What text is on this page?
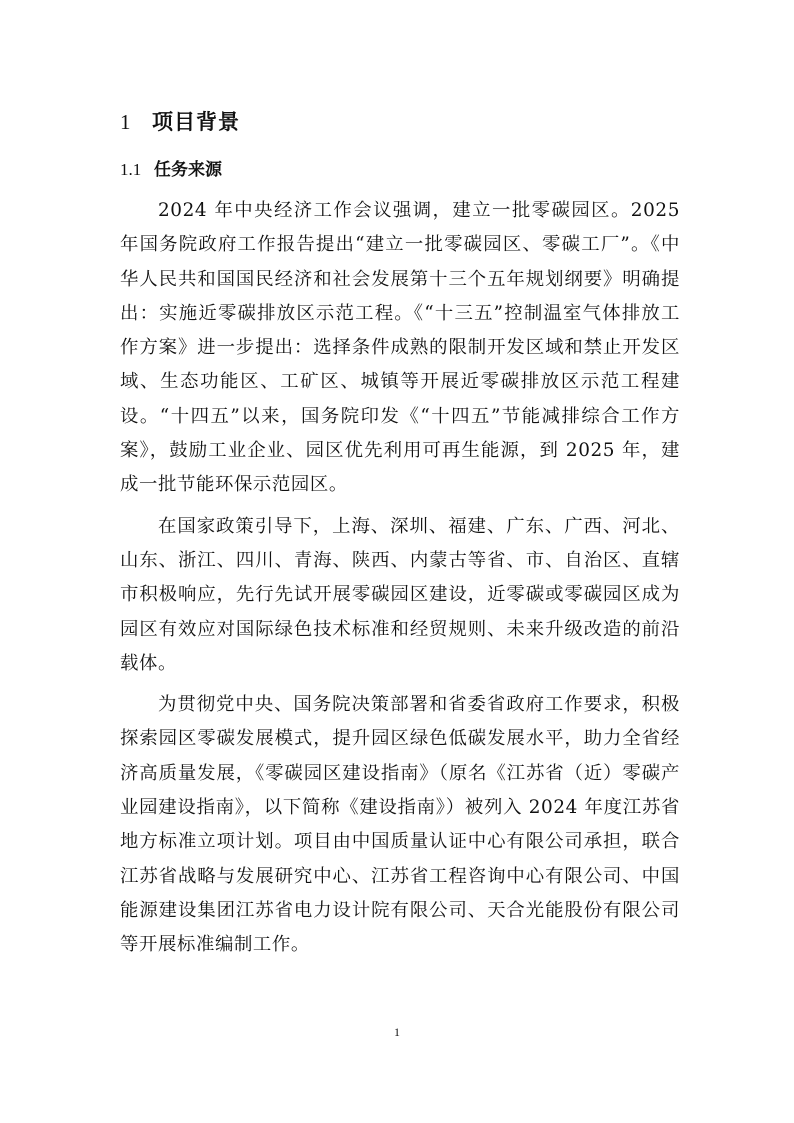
1 项目背景
1.1 任务来源

2024 年中央经济工作会议强调，建立一批零碳园区。2025 年国务院政府工作报告提出“建立一批零碳园区、零碳工厂”。《中华人民共和国国民经济和社会发展第十三个五年规划纲要》明确提出：实施近零碳排放区示范工程。《“十三五”控制温室气体排放工作方案》进一步提出：选择条件成熟的限制开发区域和禁止开发区域、生态功能区、工矿区、城镇等开展近零碳排放区示范工程建设。“十四五”以来，国务院印发《“十四五”节能减排综合工作方案》，鼓励工业企业、园区优先利用可再生能源，到 2025 年，建成一批节能环保示范园区。

在国家政策引导下，上海、深圳、福建、广东、广西、河北、山东、浙江、四川、青海、陕西、内蒙古等省、市、自治区、直辖市积极响应，先行先试开展零碳园区建设，近零碳或零碳园区成为园区有效应对国际绿色技术标准和经贸规则、未来升级改造的前沿载体。

为贯彻党中央、国务院决策部署和省委省政府工作要求，积极探索园区零碳发展模式，提升园区绿色低碳发展水平，助力全省经济高质量发展，《零碳园区建设指南》（原名《江苏省（近）零碳产业园建设指南》，以下简称《建设指南》）被列入 2024 年度江苏省地方标准立项计划。项目由中国质量认证中心有限公司承担，联合江苏省战略与发展研究中心、江苏省工程咨询中心有限公司、中国能源建设集团江苏省电力设计院有限公司、天合光能股份有限公司等开展标准编制工作。

1
